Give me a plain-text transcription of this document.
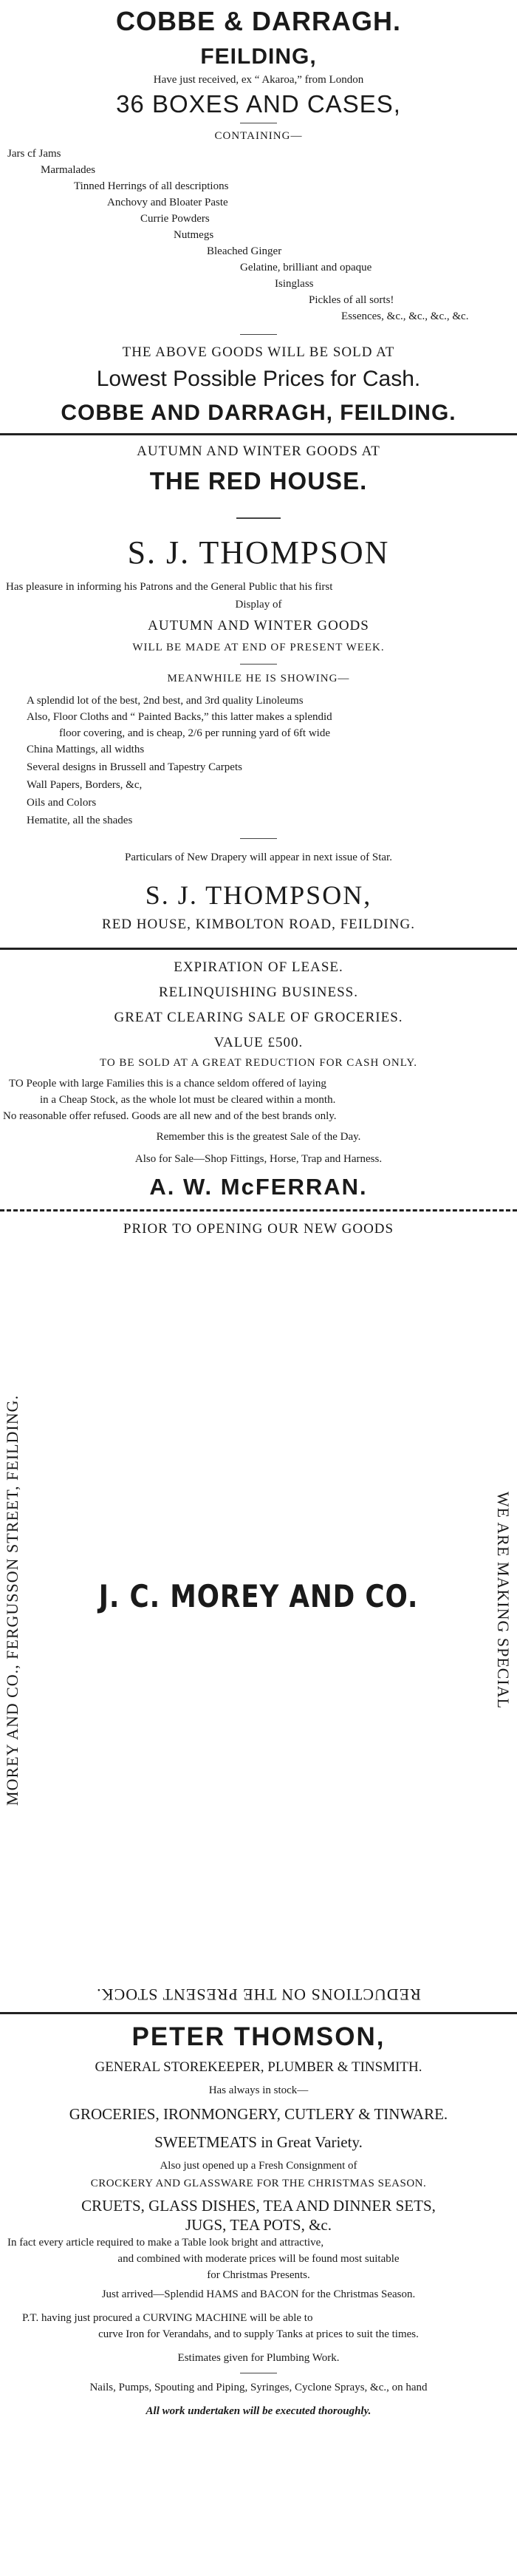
COBBE & DARRAGH.
FEILDING,
Have just received, ex “ Akaroa,” from London
36 BOXES AND CASES,
CONTAINING—
Jars cf Jams
Marmalades
Tinned Herrings of all descriptions
Anchovy and Bloater Paste
Currie Powders
Nutmegs
Bleached Ginger
Gelatine, brilliant and opaque
Isinglass
Pickles of all sorts!
Essences, &c., &c., &c., &c.
THE ABOVE GOODS WILL BE SOLD AT
Lowest Possible Prices for Cash.
COBBE AND DARRAGH, FEILDING.
AUTUMN AND WINTER GOODS AT
THE RED HOUSE.
S. J. THOMPSON
Has pleasure in informing his Patrons and the General Public that his first
Display of
AUTUMN AND WINTER GOODS
WILL BE MADE AT END OF PRESENT WEEK.
MEANWHILE HE IS SHOWING—
A splendid lot of the best, 2nd best, and 3rd quality Linoleums
Also, Floor Cloths and “ Painted Backs,” this latter makes a splendid
floor covering, and is cheap, 2/6 per running yard of 6ft wide
China Mattings, all widths
Several designs in Brussell and Tapestry Carpets
Wall Papers, Borders, &c,
Oils and Colors
Hematite, all the shades
Particulars of New Drapery will appear in next issue of Star.
S. J. THOMPSON,
RED HOUSE, KIMBOLTON ROAD, FEILDING.
EXPIRATION OF LEASE.
RELINQUISHING BUSINESS.
GREAT CLEARING SALE OF GROCERIES.
VALUE £500.
TO BE SOLD AT A GREAT REDUCTION FOR CASH ONLY.
TO People with large Families this is a chance seldom offered of laying
in a Cheap Stock, as the whole lot must be cleared within a month.
No reasonable offer refused. Goods are all new and of the best brands only.
Remember this is the greatest Sale of the Day.
Also for Sale—Shop Fittings, Horse, Trap and Harness.
A. W. McFERRAN.
PRIOR TO OPENING OUR NEW GOODS
MOREY AND CO., FERGUSSON STREET, FEILDING.	WE ARE MAKING SPECIAL
J. C. MOREY AND CO.
REDUCTIONS ON THE PRESENT STOCK.
PETER THOMSON,
GENERAL STOREKEEPER, PLUMBER & TINSMITH.
Has always in stock—
GROCERIES, IRONMONGERY, CUTLERY & TINWARE.
SWEETMEATS in Great Variety.
Also just opened up a Fresh Consignment of
CROCKERY AND GLASSWARE FOR THE CHRISTMAS SEASON.
CRUETS, GLASS DISHES, TEA AND DINNER SETS,
JUGS, TEA POTS, &c.
In fact every article required to make a Table look bright and attractive,
and combined with moderate prices will be found most suitable
for Christmas Presents.
Just arrived—Splendid HAMS and BACON for the Christmas Season.
P.T. having just procured a CURVING MACHINE will be able to
curve Iron for Verandahs, and to supply Tanks at prices to suit the times.
Estimates given for Plumbing Work.
Nails, Pumps, Spouting and Piping, Syringes, Cyclone Sprays, &c., on hand
All work undertaken will be executed thoroughly.
